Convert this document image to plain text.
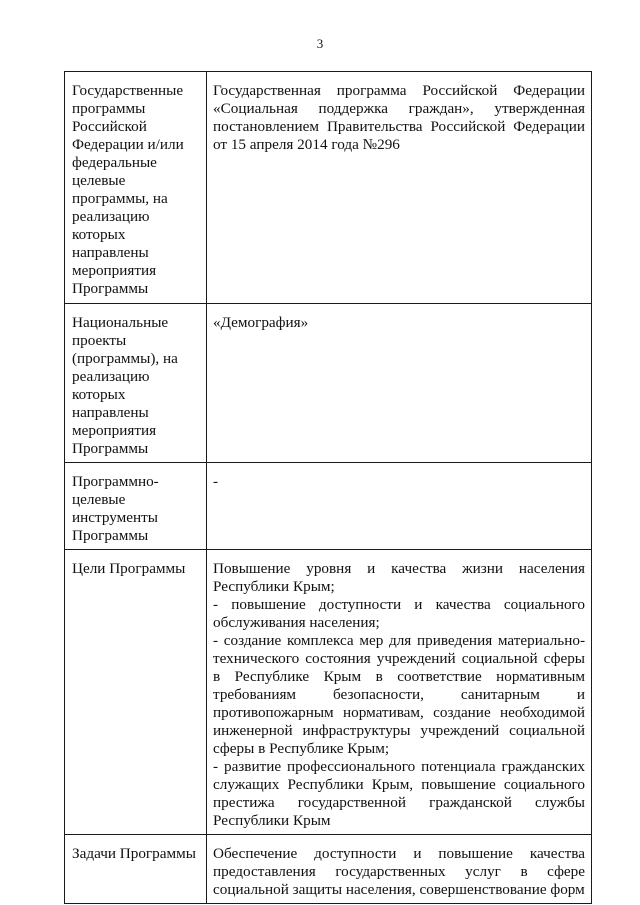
3
Государственные программы Российской Федерации и/или федеральные целевые программы, на реализацию которых направлены мероприятия Программы	Государственная программа Российской Федерации «Социальная поддержка граждан», утвержденная постановлением Правительства Российской Федерации от 15 апреля 2014 года №296

Национальные проекты (программы), на реализацию которых направлены мероприятия Программы	«Демография»

Программно-целевые инструменты Программы	-

Цели Программы	Повышение уровня и качества жизни населения Республики Крым;
- повышение доступности и качества социального обслуживания населения;
- создание комплекса мер для приведения материально-технического состояния учреждений социальной сферы в Республике Крым в соответствие нормативным требованиям безопасности, санитарным и противопожарным нормативам, создание необходимой инженерной инфраструктуры учреждений социальной сферы в Республике Крым;
- развитие профессионального потенциала гражданских служащих Республики Крым, повышение социального престижа государственной гражданской службы Республики Крым

Задачи Программы	Обеспечение доступности и повышение качества предоставления государственных услуг в сфере социальной защиты населения, совершенствование форм
